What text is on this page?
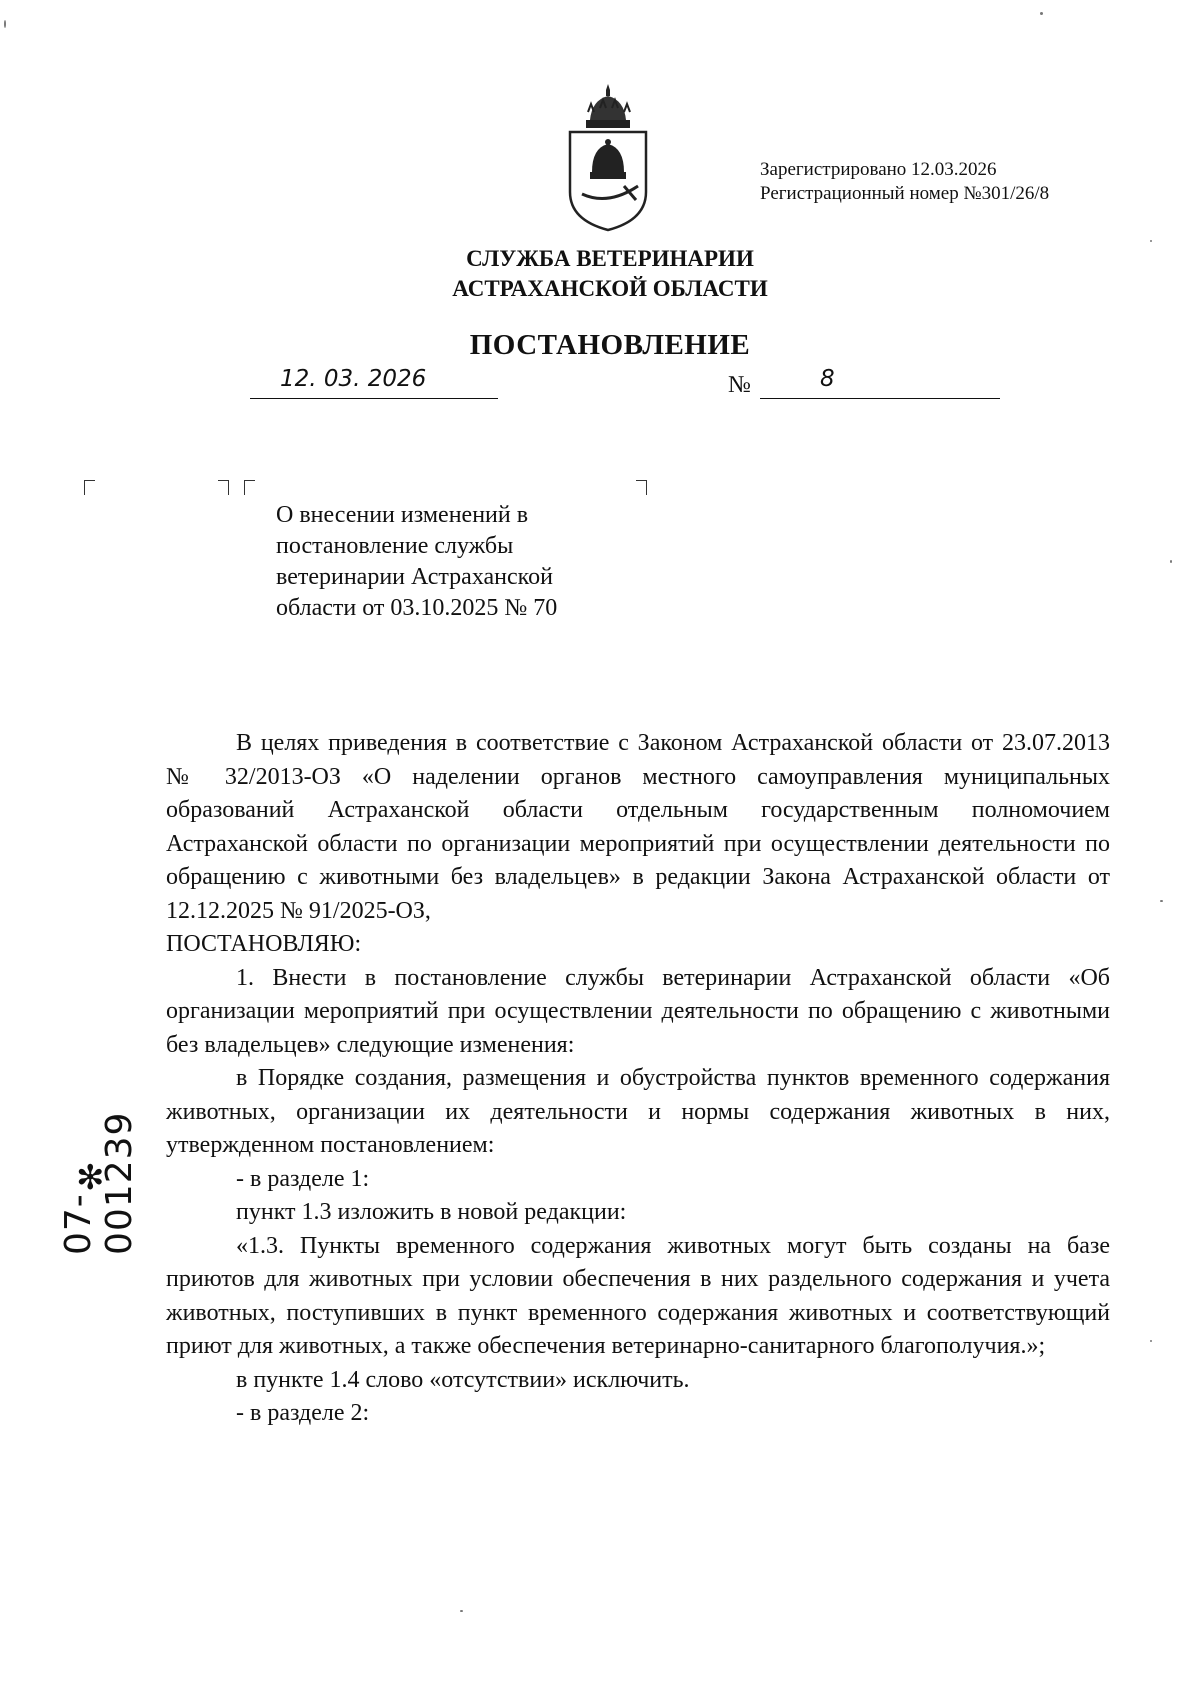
Зарегистрировано 12.03.2026
Регистрационный номер №301/26/8
СЛУЖБА ВЕТЕРИНАРИИ
АСТРАХАНСКОЙ ОБЛАСТИ
ПОСТАНОВЛЕНИЕ
12. 03. 2026	№	8
О внесении изменений в
постановление службы
ветеринарии Астраханской
области от 03.10.2025 № 70

В целях приведения в соответствие с Законом Астраханской области от 23.07.2013 № 32/2013-ОЗ «О наделении органов местного самоуправления муниципальных образований Астраханской области отдельным государственным полномочием Астраханской области по организации мероприятий при осуществлении деятельности по обращению с животными без владельцев» в редакции Закона Астраханской области от 12.12.2025 № 91/2025-ОЗ,

ПОСТАНОВЛЯЮ:

1. Внести в постановление службы ветеринарии Астраханской области «Об организации мероприятий при осуществлении деятельности по обращению с животными без владельцев» следующие изменения:

в Порядке создания, размещения и обустройства пунктов временного содержания животных, организации их деятельности и нормы содержания животных в них, утвержденном постановлением:

- в разделе 1:

пункт 1.3 изложить в новой редакции:

«1.3. Пункты временного содержания животных могут быть созданы на базе приютов для животных при условии обеспечения в них раздельного содержания и учета животных, поступивших в пункт временного содержания животных и соответствующий приют для животных, а также обеспечения ветеринарно-санитарного благополучия.»;

в пункте 1.4 слово «отсутствии» исключить.

- в разделе 2:

✻
07-001239
